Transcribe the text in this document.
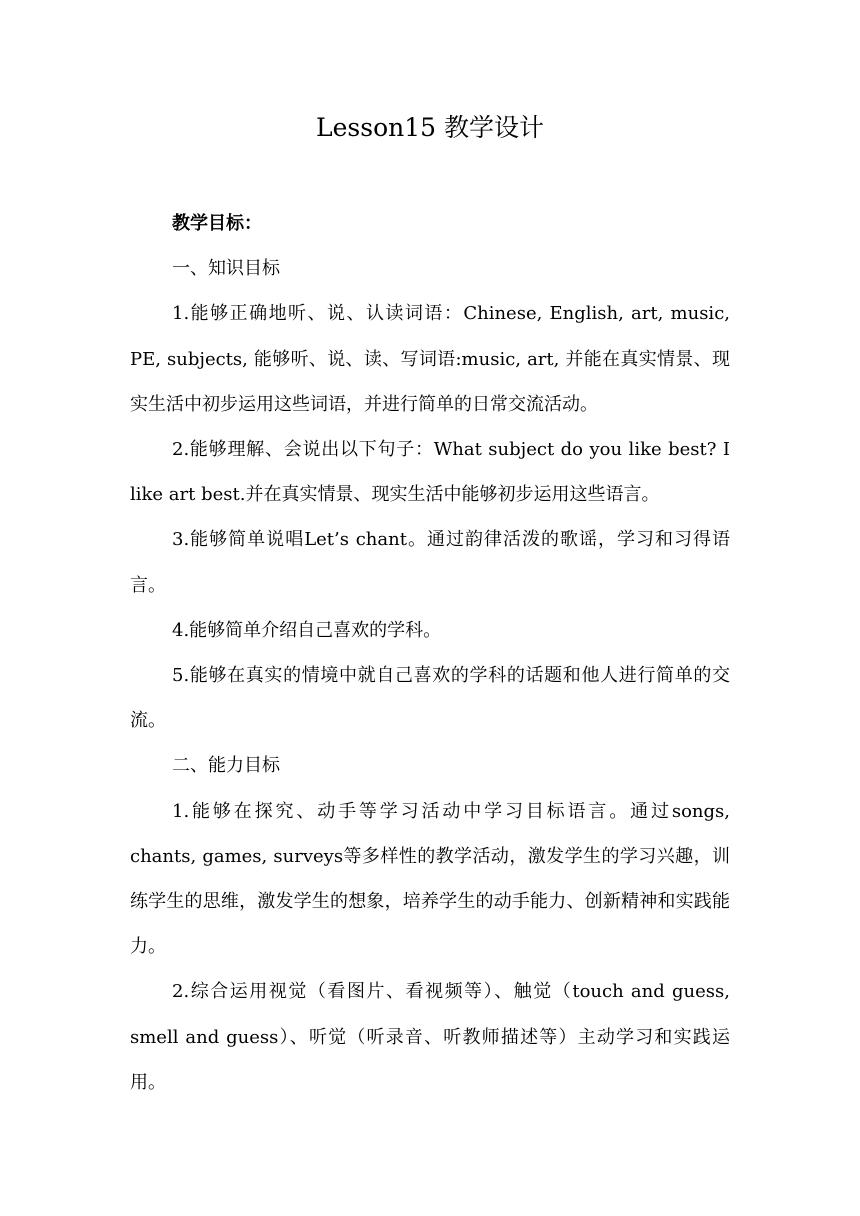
Lesson15 教学设计

教学目标：

一、知识目标

1.能够正确地听、说、认读词语：Chinese, English, art, music, PE, subjects, 能够听、说、读、写词语:music, art, 并能在真实情景、现实生活中初步运用这些词语，并进行简单的日常交流活动。

2.能够理解、会说出以下句子：What subject do you like best? I like art best.并在真实情景、现实生活中能够初步运用这些语言。

3.能够简单说唱Let’s chant。通过韵律活泼的歌谣，学习和习得语言。

4.能够简单介绍自己喜欢的学科。

5.能够在真实的情境中就自己喜欢的学科的话题和他人进行简单的交流。

二、能力目标

1.能够在探究、动手等学习活动中学习目标语言。通过songs, chants, games, surveys等多样性的教学活动，激发学生的学习兴趣，训练学生的思维，激发学生的想象，培养学生的动手能力、创新精神和实践能力。

2.综合运用视觉（看图片、看视频等）、触觉（touch and guess, smell and guess）、听觉（听录音、听教师描述等）主动学习和实践运用。
